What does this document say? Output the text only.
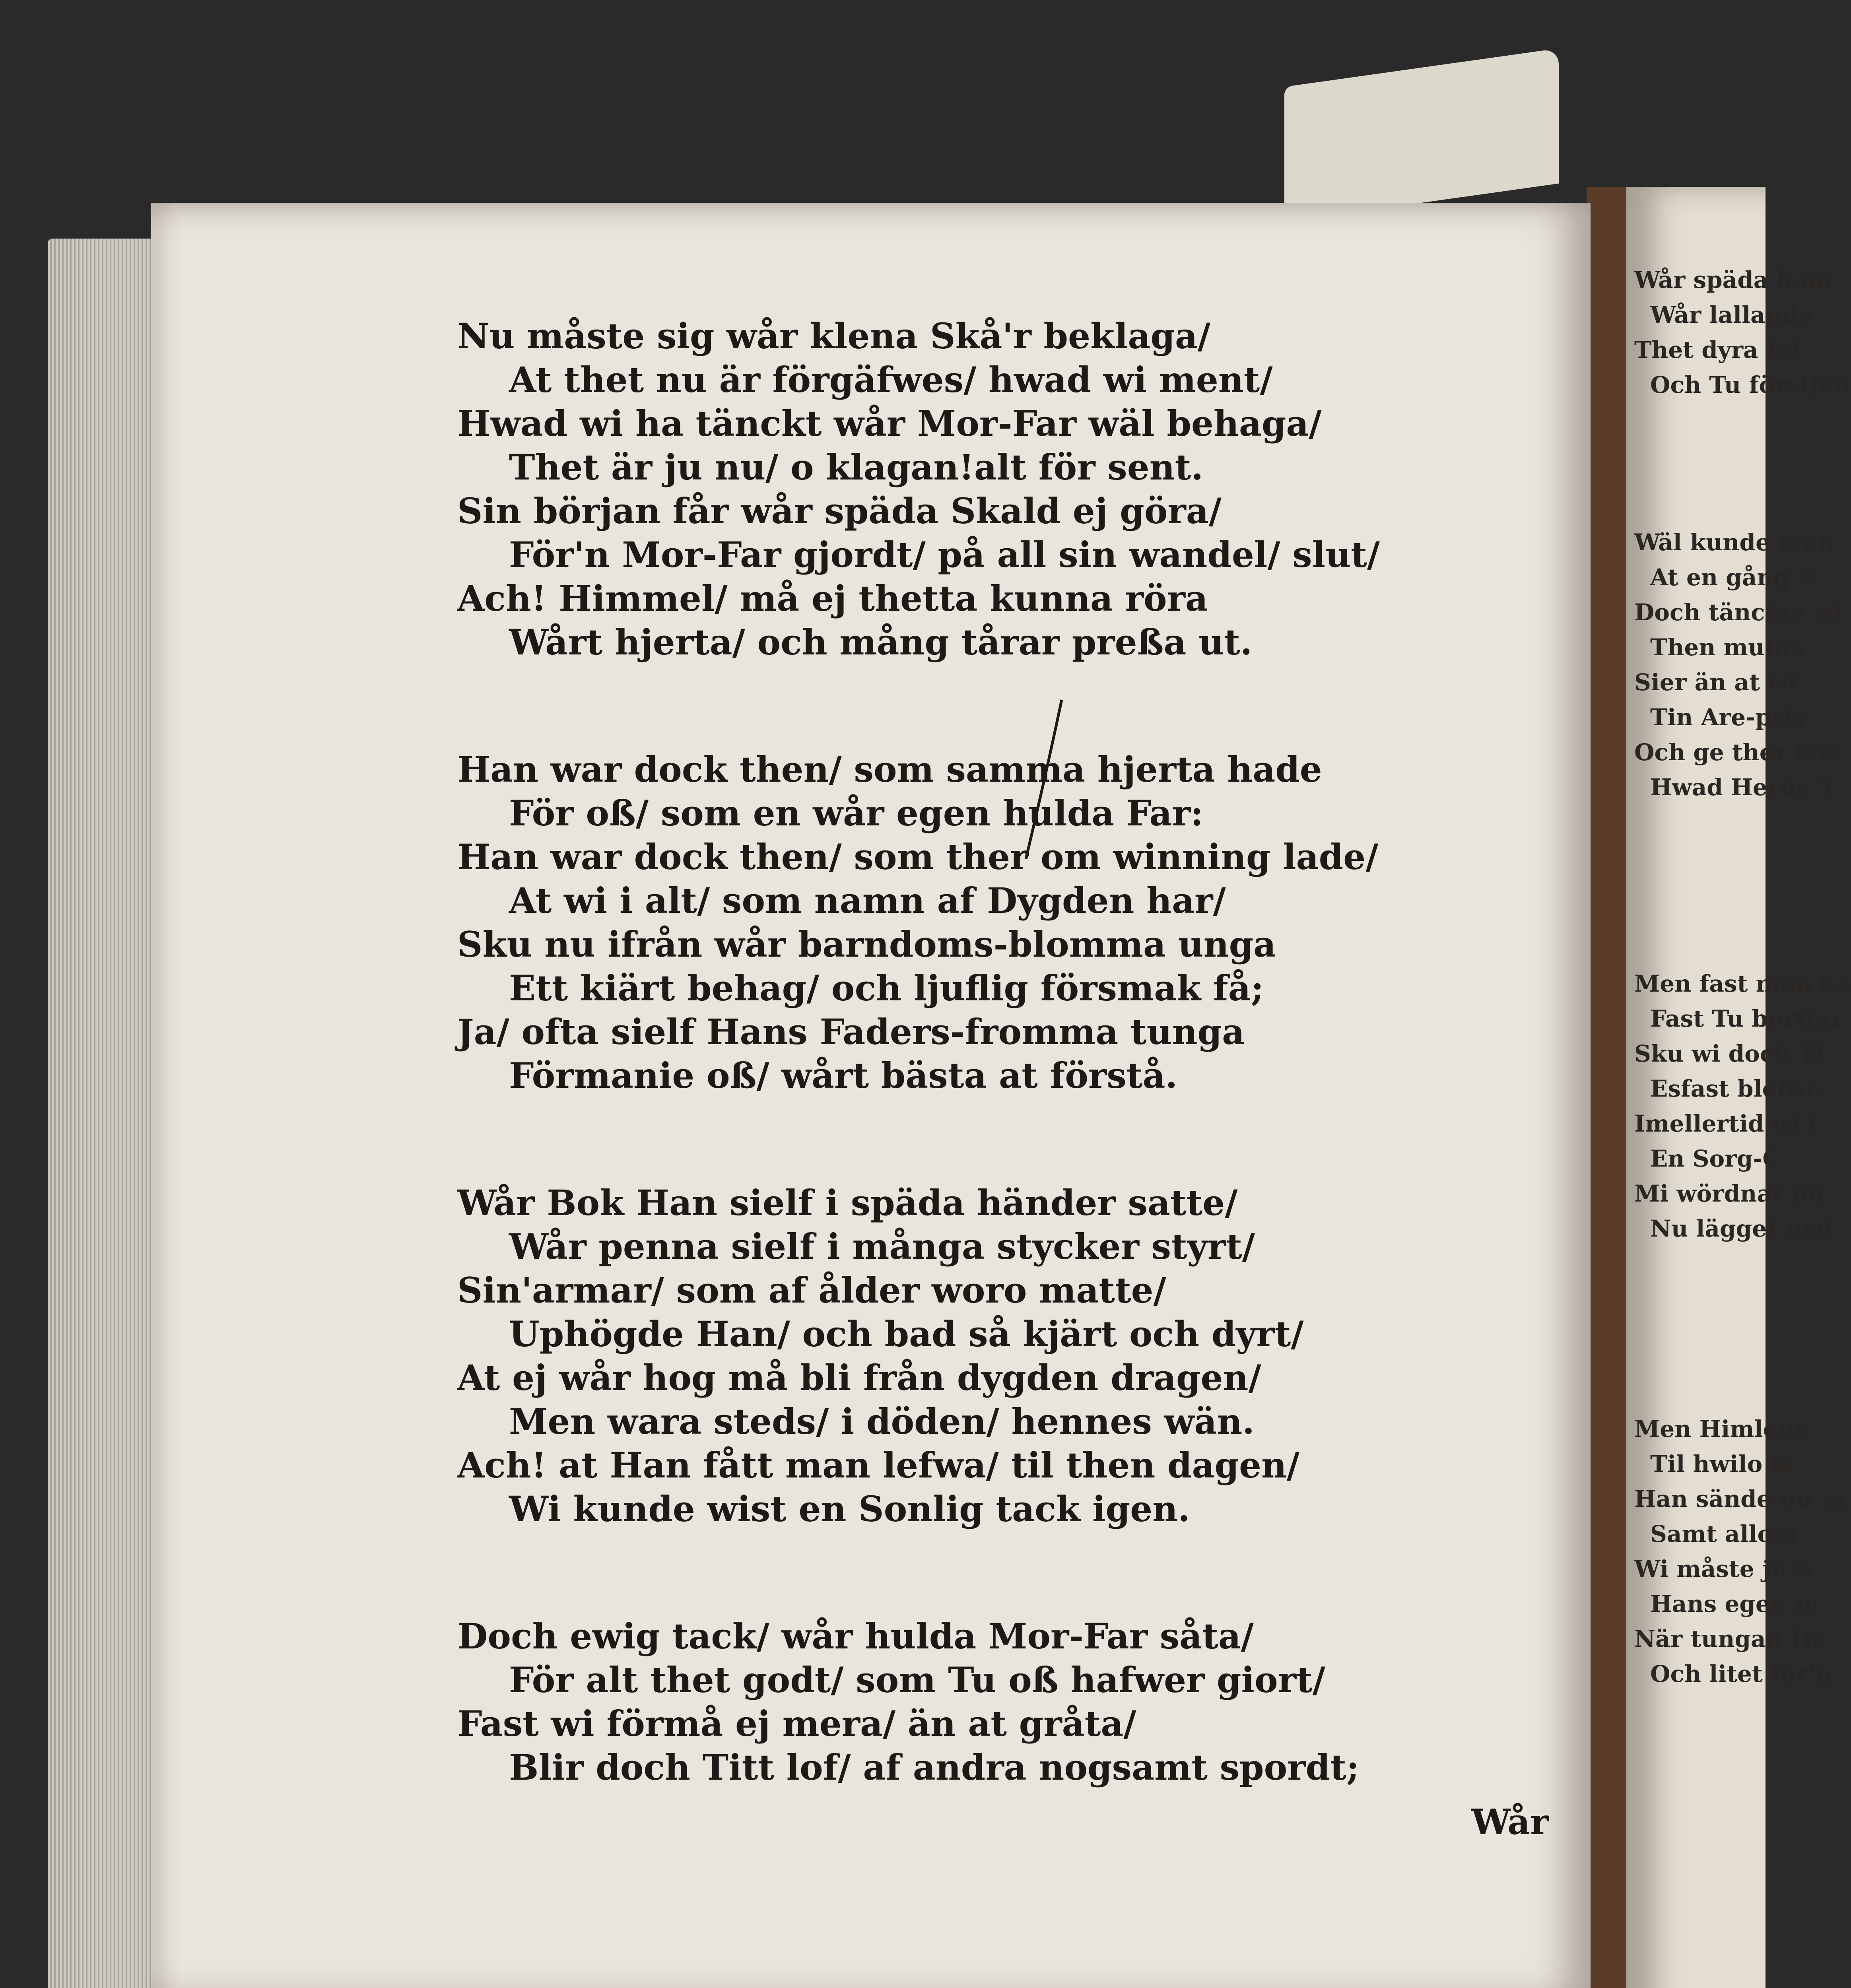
Nu måste sig wår klena Skå'r beklaga/
At thet nu är förgäfwes/ hwad wi ment/
Hwad wi ha tänckt wår Mor-Far wäl behaga/
Thet är ju nu/ o klagan!alt för sent.
Sin början får wår späda Skald ej göra/
För'n Mor-Far gjordt/ på all sin wandel/ slut/
Ach! Himmel/ må ej thetta kunna röra
Wårt hjerta/ och mång tårar preßa ut.
Han war dock then/ som samma hjerta hade
För oß/ som en wår egen hulda Far:
Han war dock then/ som ther om winning lade/
At wi i alt/ som namn af Dygden har/
Sku nu ifrån wår barndoms-blomma unga
Ett kiärt behag/ och ljuflig försmak få;
Ja/ ofta sielf Hans Faders-fromma tunga
Förmanie oß/ wårt bästa at förstå.
Wår Bok Han sielf i späda händer satte/
Wår penna sielf i många stycker styrt/
Sin'armar/ som af ålder woro matte/
Uphögde Han/ och bad så kjärt och dyrt/
At ej wår hog må bli från dygden dragen/
Men wara steds/ i döden/ hennes wän.
Ach! at Han fått man lefwa/ til then dagen/
Wi kunde wist en Sonlig tack igen.
Doch ewig tack/ wår hulda Mor-Far såta/
För alt thet godt/ som Tu oß hafwer giort/
Fast wi förmå ej mera/ än at gråta/
Blir doch Titt lof/ af andra nogsamt spordt;
Wår
Wår späda ham
Wår lallande
Thet dyra lof
Och Tu förstjen
Wäl kunde man
At en gång w
Doch tänckte wi
Then mulna
Sier än at wi
Tin Are-pris
Och ge ther bos
Hwad Herde T
Men fast man ka
Fast Tu bortfar
Sku wi doch Ti
Esfast blefwe
Imellertid wi t
En Sorg-C
Mi wördnat för
Nu lägget ned
Men Himlens
Til hwilo la
Han sände nu m
Samt allom
Wi måste ju w
Hans egen m
När tungan Ha
Och litet för'n
